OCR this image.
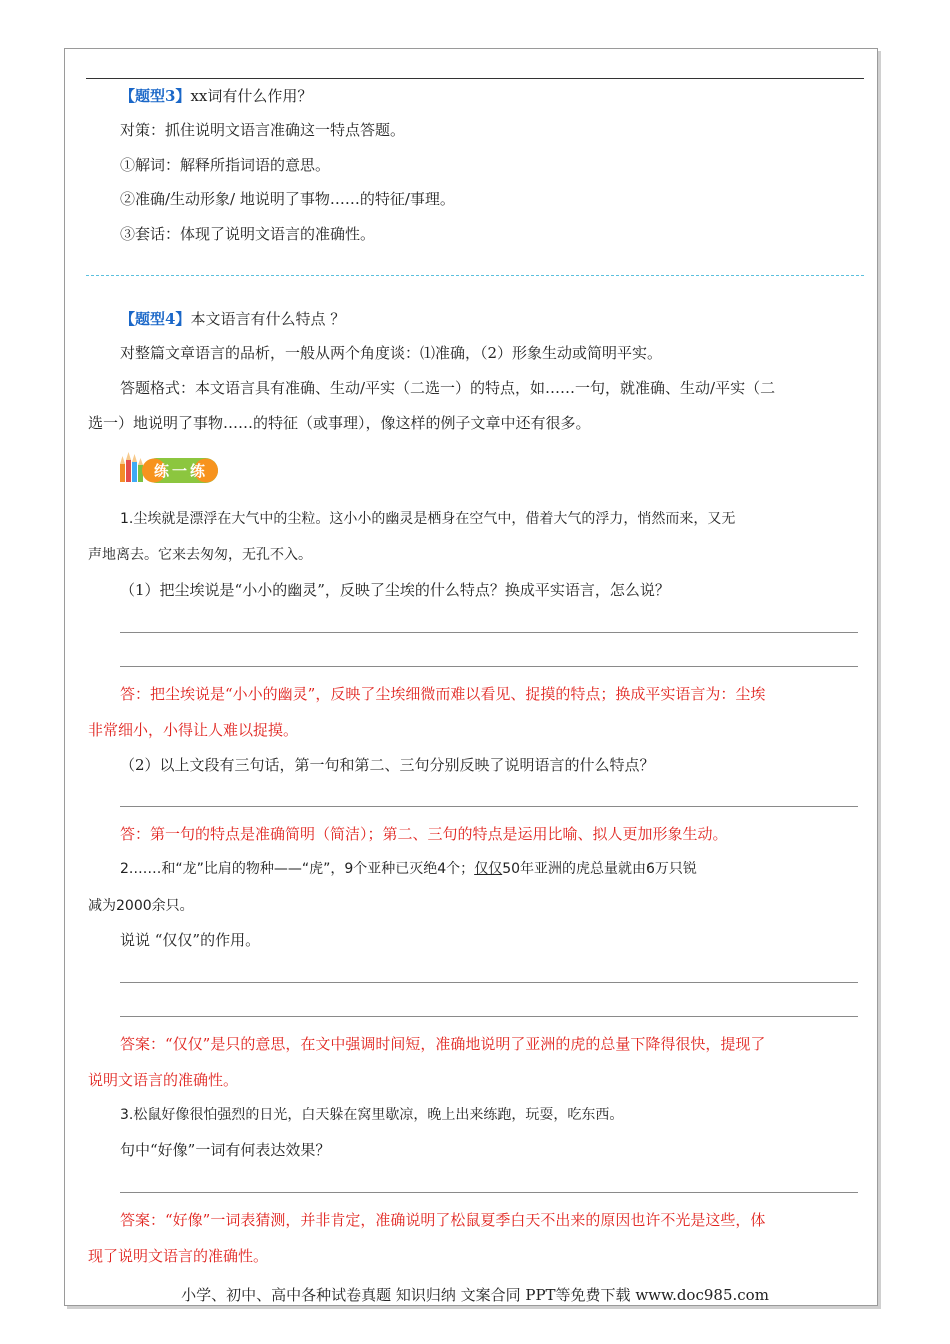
【题型3】xx词有什么作用？
对策：抓住说明文语言准确这一特点答题。
①解词：解释所指词语的意思。
②准确/生动形象/ 地说明了事物……的特征/事理。
③套话：体现了说明文语言的准确性。
【题型4】本文语言有什么特点 ？
对整篇文章语言的品析，一般从两个角度谈：⑴准确，（2）形象生动或简明平实。
答题格式：本文语言具有准确、生动/平实（二选一）的特点，如……一句，就准确、生动/平实（二
选一）地说明了事物……的特征（或事理），像这样的例子文章中还有很多。
练一练
1.尘埃就是漂浮在大气中的尘粒。这小小的幽灵是栖身在空气中，借着大气的浮力，悄然而来，又无
声地离去。它来去匆匆，无孔不入。
（1）把尘埃说是“小小的幽灵”，反映了尘埃的什么特点？换成平实语言，怎么说？
答：把尘埃说是“小小的幽灵”，反映了尘埃细微而难以看见、捉摸的特点；换成平实语言为：尘埃
非常细小，小得让人难以捉摸。
（2）以上文段有三句话，第一句和第二、三句分别反映了说明语言的什么特点？
答：第一句的特点是准确简明（简洁）；第二、三句的特点是运用比喻、拟人更加形象生动。
2.……和“龙”比肩的物种——“虎”，9个亚种已灭绝4个；仅仅50年亚洲的虎总量就由6万只锐
减为2000余只。
说说 “仅仅”的作用。
答案：“仅仅”是只的意思，在文中强调时间短，准确地说明了亚洲的虎的总量下降得很快，提现了
说明文语言的准确性。
3.松鼠好像很怕强烈的日光，白天躲在窝里歇凉，晚上出来练跑，玩耍，吃东西。
句中“好像”一词有何表达效果？
答案：“好像”一词表猜测，并非肯定，准确说明了松鼠夏季白天不出来的原因也许不光是这些，体
现了说明文语言的准确性。
小学、初中、高中各种试卷真题 知识归纳 文案合同 PPT等免费下载 www.doc985.com
